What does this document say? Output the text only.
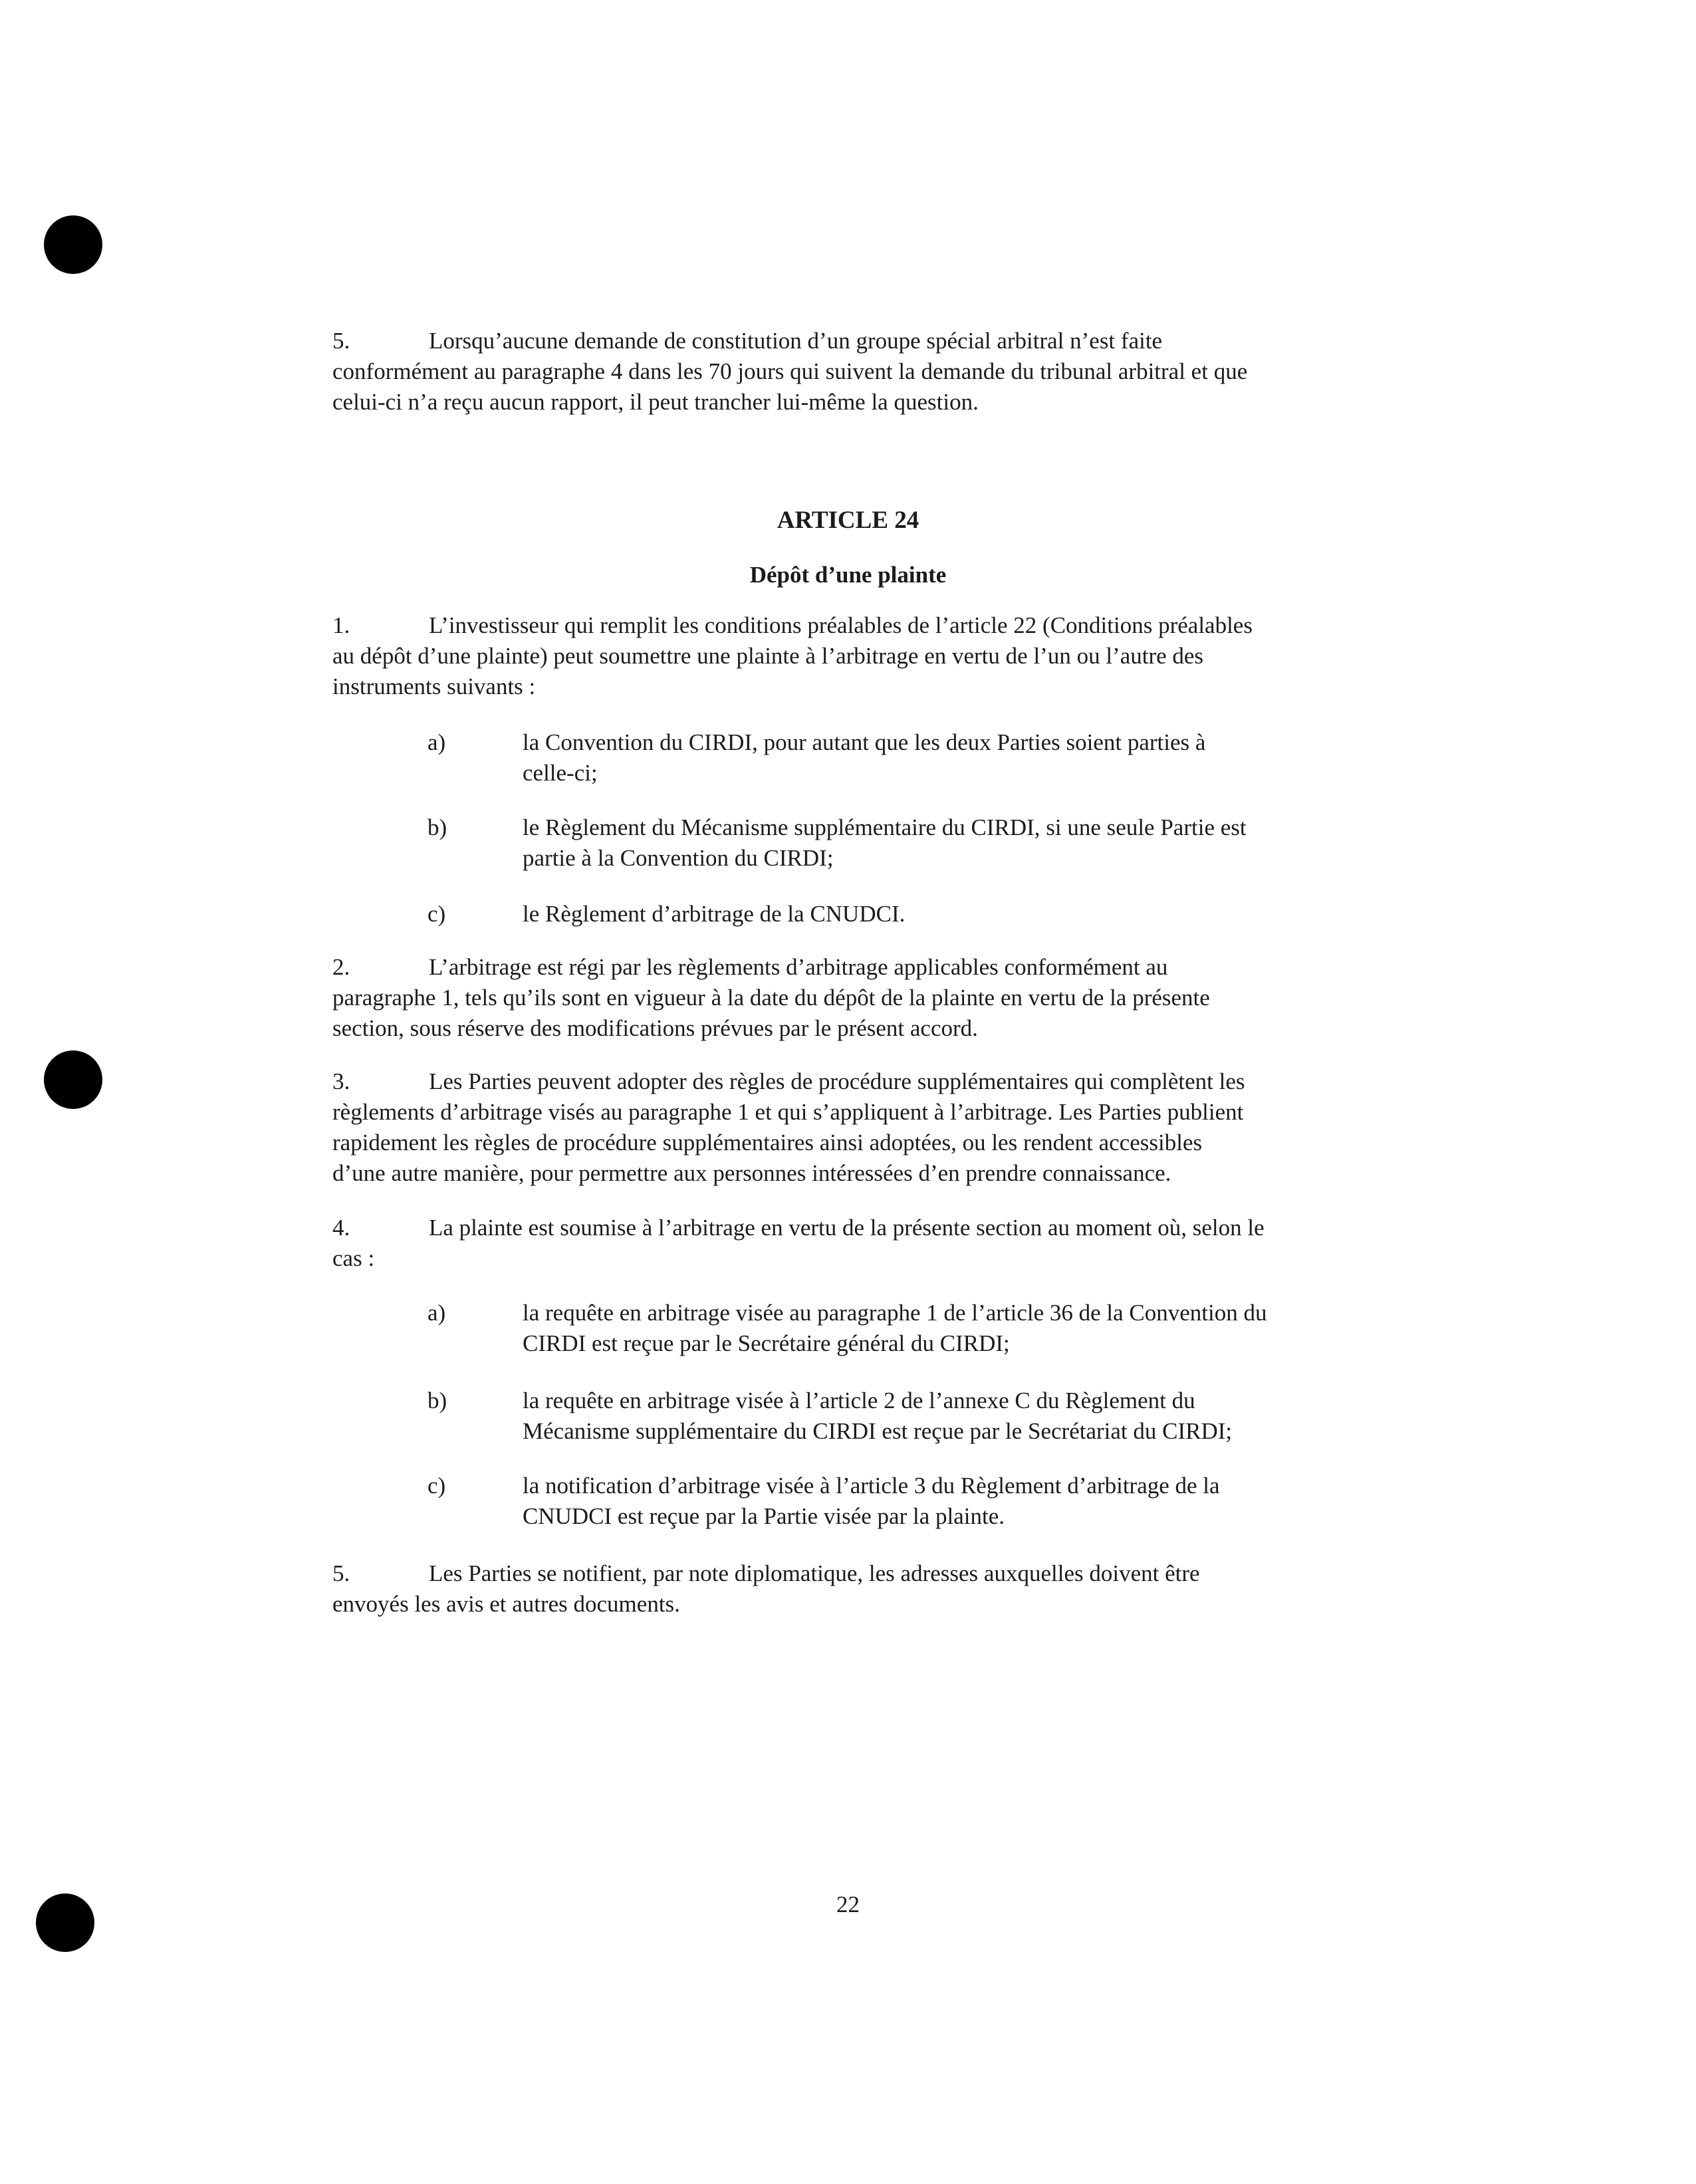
5.	Lorsqu’aucune demande de constitution d’un groupe spécial arbitral n’est faite
conformément au paragraphe 4 dans les 70 jours qui suivent la demande du tribunal arbitral et que
celui-ci n’a reçu aucun rapport, il peut trancher lui-même la question.
ARTICLE 24
Dépôt d’une plainte
1.	L’investisseur qui remplit les conditions préalables de l’article 22 (Conditions préalables
au dépôt d’une plainte) peut soumettre une plainte à l’arbitrage en vertu de l’un ou l’autre des
instruments suivants :
a)	la Convention du CIRDI, pour autant que les deux Parties soient parties à
celle-ci;
b)	le Règlement du Mécanisme supplémentaire du CIRDI, si une seule Partie est
partie à la Convention du CIRDI;
c)	le Règlement d’arbitrage de la CNUDCI.
2.	L’arbitrage est régi par les règlements d’arbitrage applicables conformément au
paragraphe 1, tels qu’ils sont en vigueur à la date du dépôt de la plainte en vertu de la présente
section, sous réserve des modifications prévues par le présent accord.
3.	Les Parties peuvent adopter des règles de procédure supplémentaires qui complètent les
règlements d’arbitrage visés au paragraphe 1 et qui s’appliquent à l’arbitrage. Les Parties publient
rapidement les règles de procédure supplémentaires ainsi adoptées, ou les rendent accessibles
d’une autre manière, pour permettre aux personnes intéressées d’en prendre connaissance.
4.	La plainte est soumise à l’arbitrage en vertu de la présente section au moment où, selon le
cas :
a)	la requête en arbitrage visée au paragraphe 1 de l’article 36 de la Convention du
CIRDI est reçue par le Secrétaire général du CIRDI;
b)	la requête en arbitrage visée à l’article 2 de l’annexe C du Règlement du
Mécanisme supplémentaire du CIRDI est reçue par le Secrétariat du CIRDI;
c)	la notification d’arbitrage visée à l’article 3 du Règlement d’arbitrage de la
CNUDCI est reçue par la Partie visée par la plainte.
5.	Les Parties se notifient, par note diplomatique, les adresses auxquelles doivent être
envoyés les avis et autres documents.
22
